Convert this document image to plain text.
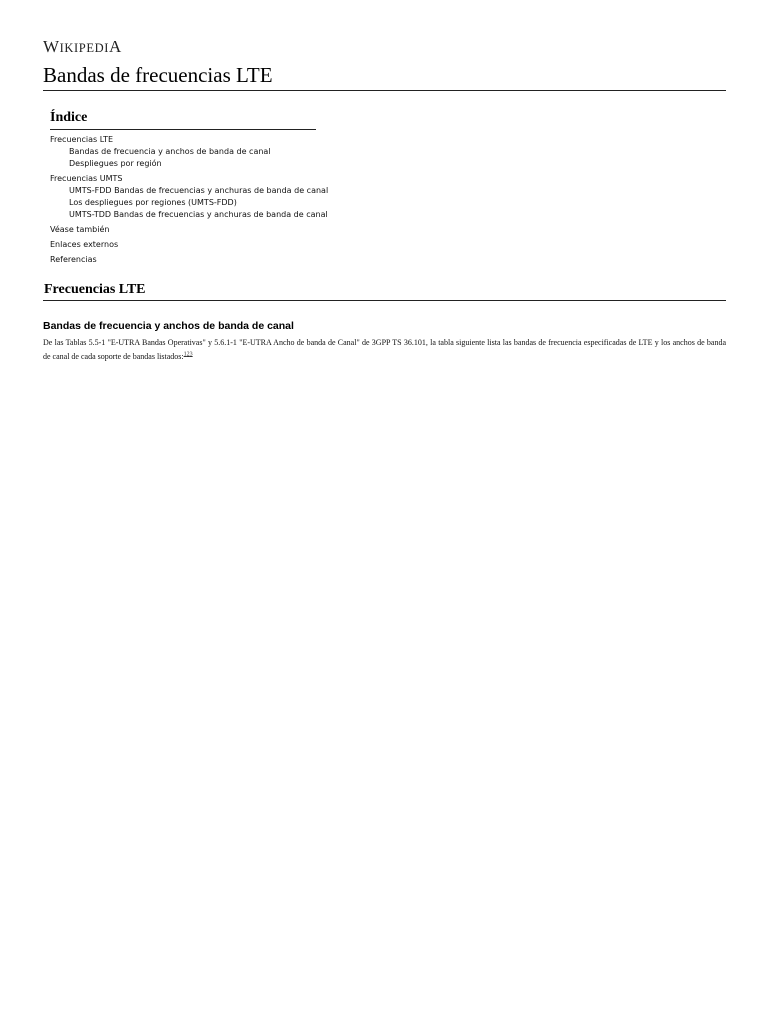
WIKIPEDIA
Bandas de frecuencias LTE
Índice
Frecuencias LTE
Bandas de frecuencia y anchos de banda de canal
Despliegues por región
Frecuencias UMTS
UMTS-FDD Bandas de frecuencias y anchuras de banda de canal
Los despliegues por regiones (UMTS-FDD)
UMTS-TDD Bandas de frecuencias y anchuras de banda de canal
Véase también
Enlaces externos
Referencias
Frecuencias LTE
Bandas de frecuencia y anchos de banda de canal

De las Tablas 5.5-1 "E-UTRA Bandas Operativas" y 5.6.1-1 "E-UTRA Ancho de banda de Canal" de 3GPP TS 36.101, la tabla siguiente lista las bandas de frecuencia especificadas de LTE y los anchos de banda de canal de cada soporte de bandas listados:$^{123}$
